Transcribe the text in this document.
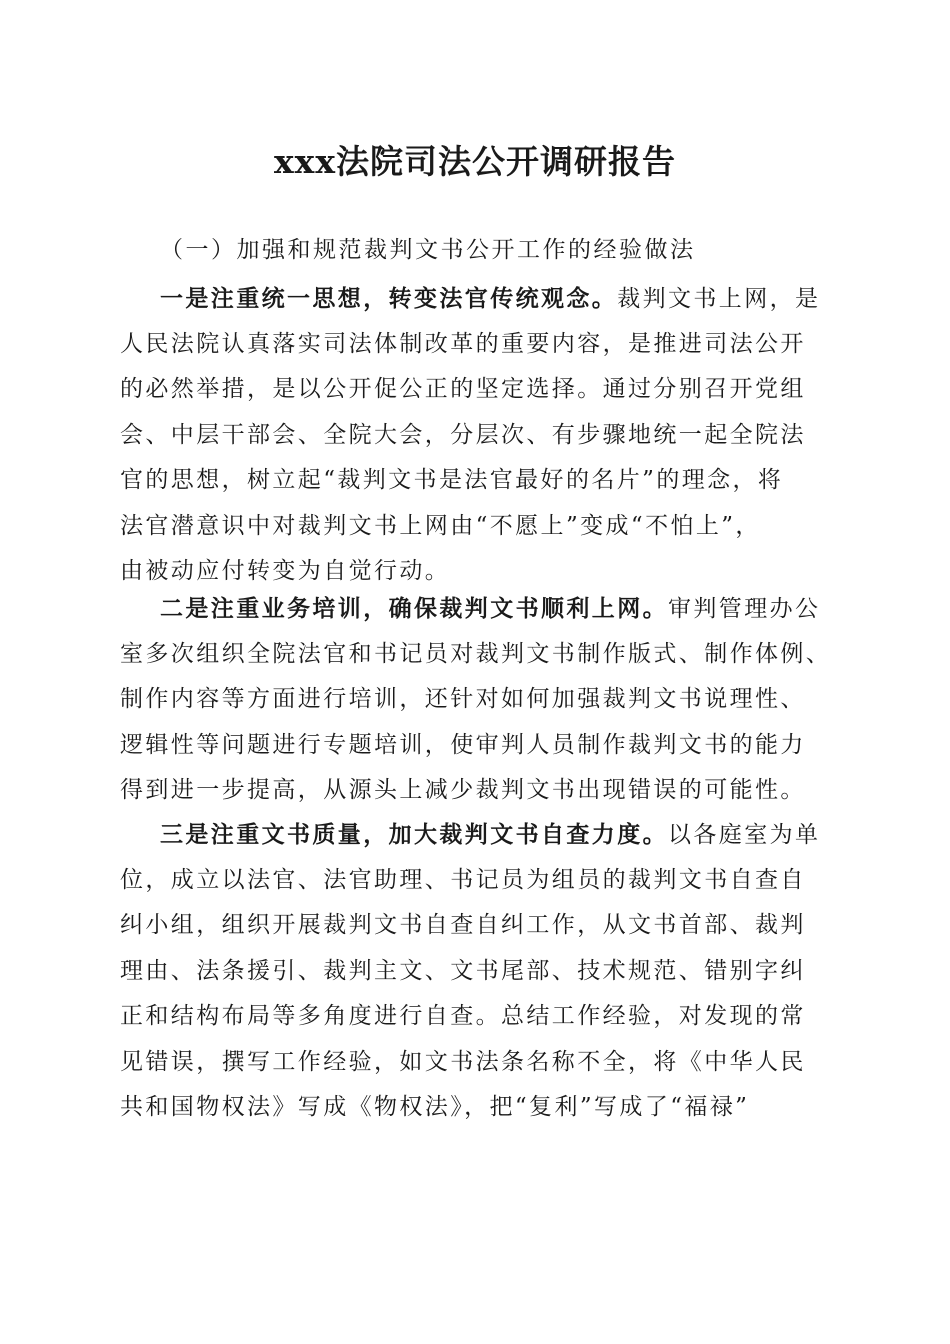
xxx法院司法公开调研报告
（一）加强和规范裁判文书公开工作的经验做法
一是注重统一思想，转变法官传统观念。裁判文书上网，是
人民法院认真落实司法体制改革的重要内容，是推进司法公开
的必然举措，是以公开促公正的坚定选择。通过分别召开党组
会、中层干部会、全院大会，分层次、有步骤地统一起全院法
官的思想，树立起“裁判文书是法官最好的名片”的理念，将
法官潜意识中对裁判文书上网由“不愿上”变成“不怕上”，
由被动应付转变为自觉行动。
二是注重业务培训，确保裁判文书顺利上网。审判管理办公
室多次组织全院法官和书记员对裁判文书制作版式、制作体例、
制作内容等方面进行培训，还针对如何加强裁判文书说理性、
逻辑性等问题进行专题培训，使审判人员制作裁判文书的能力
得到进一步提高，从源头上减少裁判文书出现错误的可能性。
三是注重文书质量，加大裁判文书自查力度。以各庭室为单
位，成立以法官、法官助理、书记员为组员的裁判文书自查自
纠小组，组织开展裁判文书自查自纠工作，从文书首部、裁判
理由、法条援引、裁判主文、文书尾部、技术规范、错别字纠
正和结构布局等多角度进行自查。总结工作经验，对发现的常
见错误，撰写工作经验，如文书法条名称不全，将《中华人民
共和国物权法》写成《物权法》，把“复利”写成了“福禄”
